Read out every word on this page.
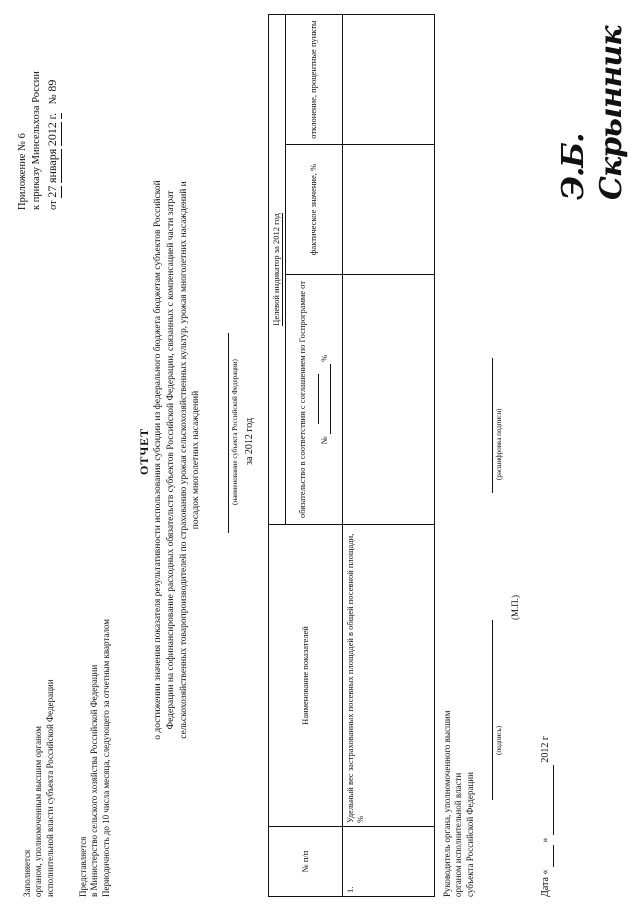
Заполняется органом, уполномоченным высшим органом исполнительной власти субъекта Российской Федерации	Представляется в Министерство сельского хозяйства Российской Федерации Периодичность до 10 числа месяца, следующего за отчетным кварталом
Приложение № 6 к приказу Минсельхоза России от 27 января 2012 г. № 89
ОТЧЕТ о достижении значения показателя результативности использования субсидии из федерального бюджета бюджетам субъектов Российской Федерации на софинансирование расходных обязательств субъектов Российской Федерации, связанных с компенсацией части затрат сельскохозяйственных товаропроизводителей по страхованию урожая сельскохозяйственных культур, урожая многолетних насаждений и посадок многолетних насаждений	(наименование субъекта Российской Федерации) за 2012 год
№ п/п	Наименование показателей	Целевой индикатор за 2012 год		
		обязательство в соответствии с соглашением по Госпрограмме от №   %	фактическое значение, %	отклонение, процентные пункты
1.	Удельный вес застрахованных посевных площадей в общей посевной площади, %				Руководитель органа, уполномоченного высшим органом исполнительной власти субъекта Российской Федерации
(подпись)
(расшифровка подписи)
(М.П.)
Дата «   »   2012 г
Э.Б. Скрынник
